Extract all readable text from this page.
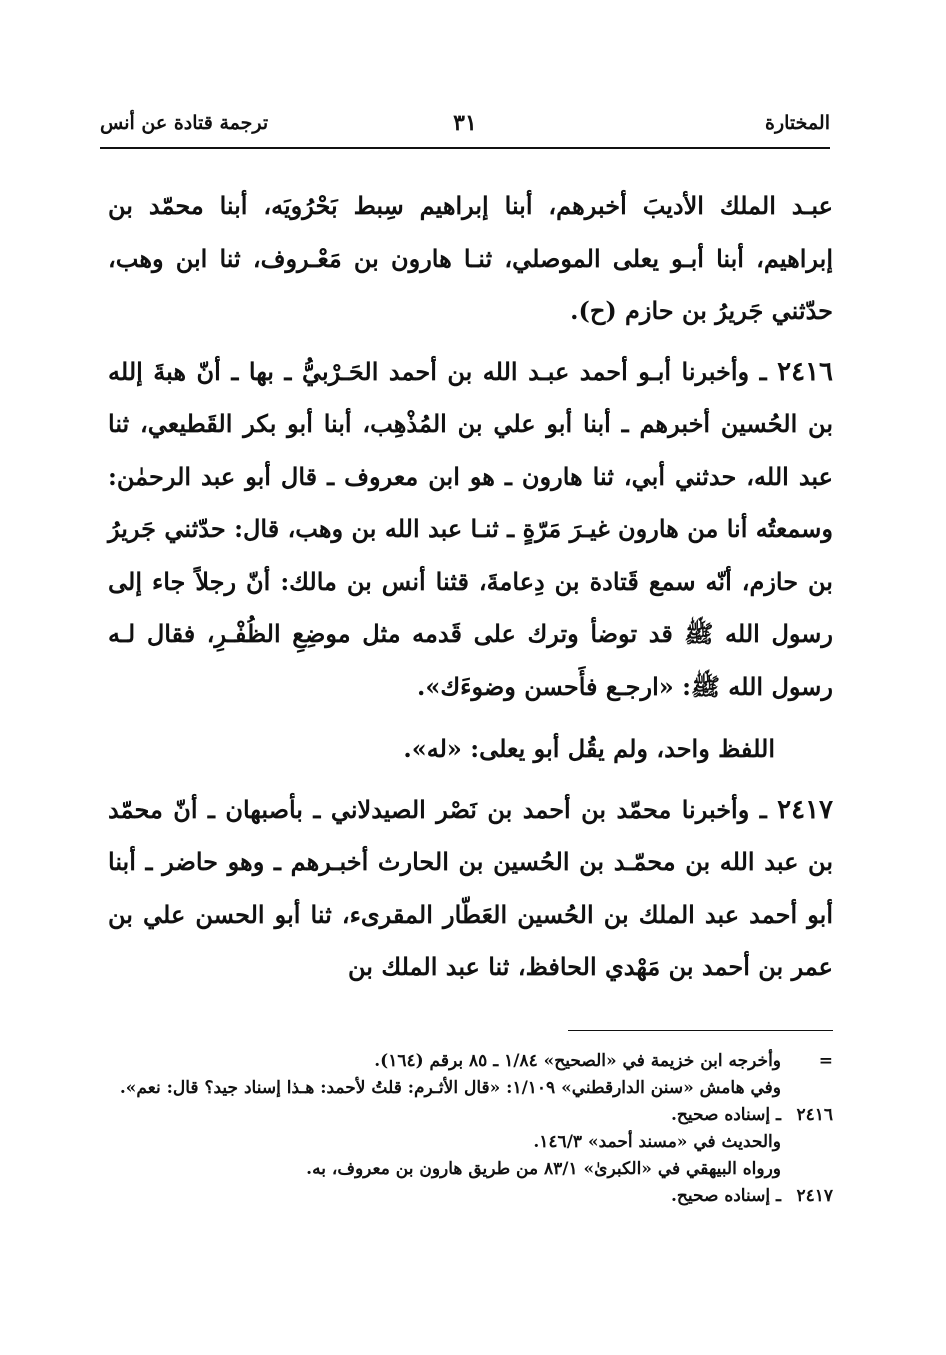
المختارة
٣١
ترجمة قتادة عن أنس

عبـد الملك الأديبَ أخبرهم، أبنا إبراهيم سِبط بَحْرُويَه، أبنا محمّد بن إبراهيم، أبنا أبـو يعلى الموصلي، ثنـا هارون بن مَعْـروف، ثنا ابن وهب، حدّثني جَريرُ بن حازم (ح).

٢٤١٦ ـ وأخبرنا أبـو أحمد عبـد الله بن أحمد الحَـرْبيُّ ـ بها ـ أنّ هبةَ إلله بن الحُسين أخبرهم ـ أبنا أبو علي بن المُذْهِب، أبنا أبو بكر القَطيعي، ثنا عبد الله، حدثني أبي، ثنا هارون ـ هو ابن معروف ـ قال أبو عبد الرحمٰن: وسمعتُه أنا من هارون غيـرَ مَرّةٍ ـ ثنـا عبد الله بن وهب، قال: حدّثني جَريرُ بن حازم، أنّه سمع قَتادة بن دِعامةَ، قثنا أنس بن مالك: أنّ رجلاً جاء إلى رسول الله ﷺ قد توضأ وترك على قَدمه مثل موضِعِ الظُفْـرِ، فقال لـه رسول الله ﷺ: «ارجـع فأَحسن وضوءَك».

اللفظ واحد، ولم يقُل أبو يعلى: «له».

٢٤١٧ ـ وأخبرنا محمّد بن أحمد بن نَصْر الصيدلاني ـ بأصبهان ـ أنّ محمّد بن عبد الله بن محمّـد بن الحُسين بن الحارث أخبـرهم ـ وهو حاضر ـ أبنا أبو أحمد عبد الملك بن الحُسين العَطّار المقرىء، ثنا أبو الحسن علي بن عمر بن أحمد بن مَهْدي الحافظ، ثنا عبد الملك بن

=
وأخرجه ابن خزيمة في «الصحيح» ١/٨٤ ـ ٨٥ برقم (١٦٤).
وفي هامش «سنن الدارقطني» ١/١٠٩: «قال الأثـرم: قلتُ لأحمد: هـذا إسناد جيد؟ قال: نعم».
٢٤١٦
ـ إسناده صحيح.
والحديث في «مسند أحمد» ١٤٦/٣.
ورواه البيهقي في «الكبرىٰ» ٨٣/١ من طريق هارون بن معروف، به.
٢٤١٧
ـ إسناده صحيح.
